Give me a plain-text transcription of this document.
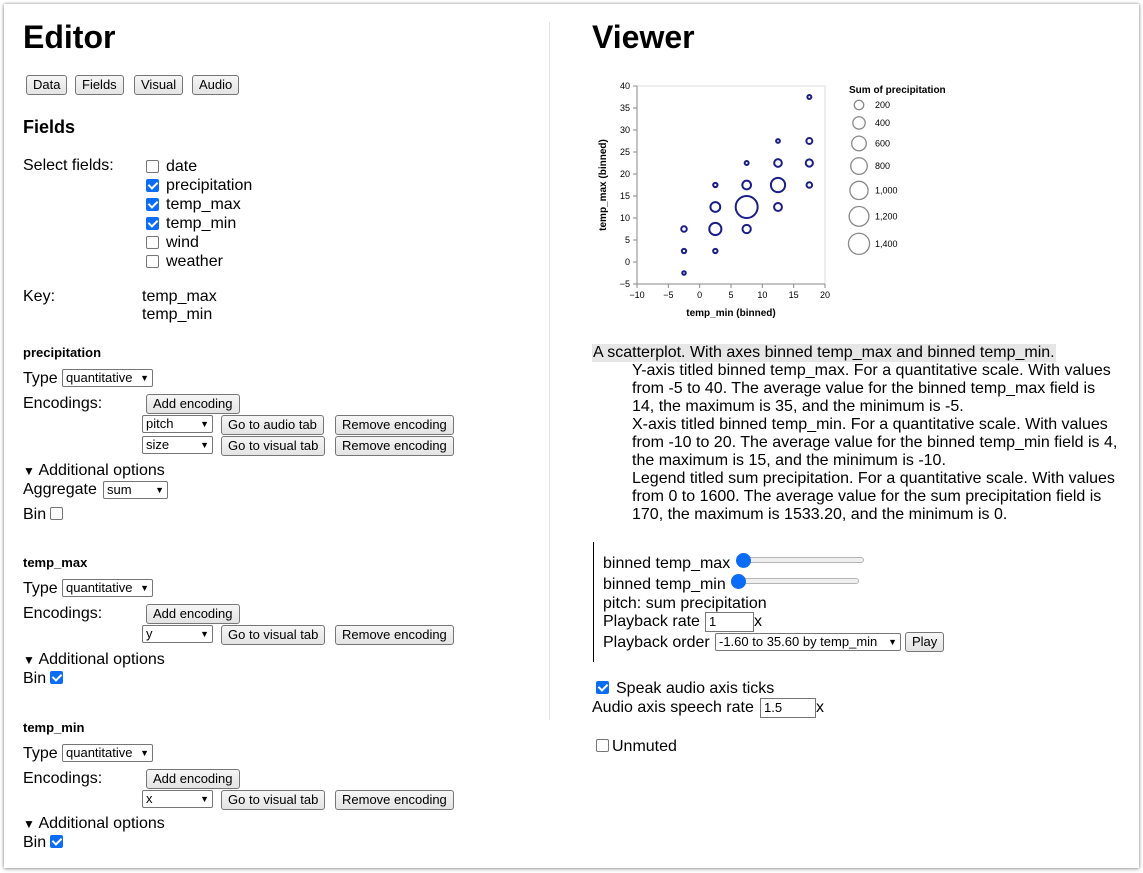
Editor
Data	Fields	Visual	Audio
Fields
Select fields:	date
precipitation
temp_max
temp_min
wind
weather
Key:	temp_max
temp_min
precipitation
Type quantitative ▼
Encodings:	Add encoding
pitch	▼	Go to audio tab	Remove encoding
size	▼	Go to visual tab	Remove encoding
▼ Additional options
Aggregate sum	▼
Bin
temp_max
Type quantitative ▼
Encodings:	Add encoding
y	▼	Go to visual tab	Remove encoding
▼ Additional options
Bin
temp_min
Type quantitative ▼
Encodings:	Add encoding
x	▼	Go to visual tab	Remove encoding
▼ Additional options
Bin
Viewer
−5
0
5
10
15
20
25
30
35
40
−10 −5	0	5	10 15 20
temp_min (binned)
temp_max (binned)
Sum of precipitation
200
400
600
800
1,000
1,200
1,400
A scatterplot. With axes binned temp_max and binned temp_min.
Y-axis titled binned temp_max. For a quantitative scale. With values
from -5 to 40. The average value for the binned temp_max field is
14, the maximum is 35, and the minimum is -5.
X-axis titled binned temp_min. For a quantitative scale. With values
from -10 to 20. The average value for the binned temp_min field is 4,
the maximum is 15, and the minimum is -10.
Legend titled sum precipitation. For a quantitative scale. With values
from 0 to 1600. The average value for the sum precipitation field is
170, the maximum is 1533.20, and the minimum is 0.
binned temp_max
binned temp_min
pitch: sum precipitation
Playback rate 1	x
Playback order -1.60 to 35.60 by temp_min ▼	Play
Speak audio axis ticks
Audio axis speech rate 1.5	x
Unmuted
